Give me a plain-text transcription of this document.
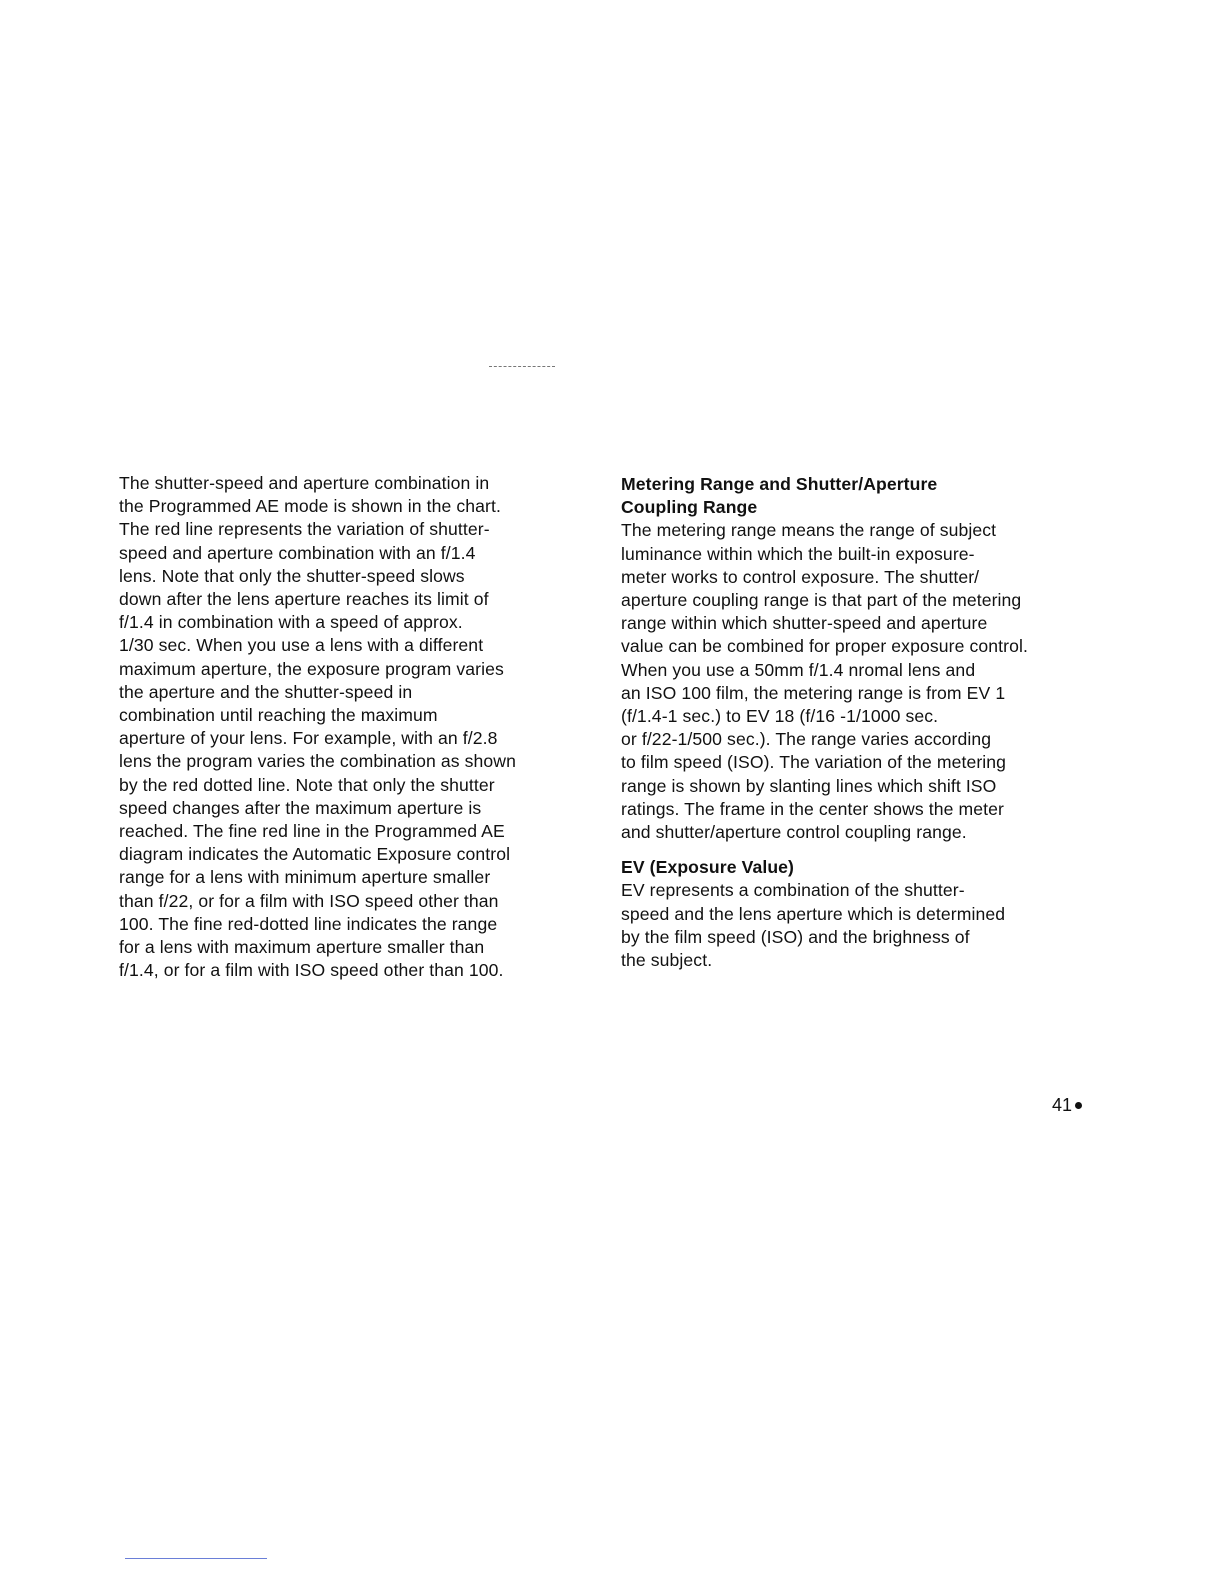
The shutter-speed and aperture combination in
the Programmed AE mode is shown in the chart.
The red line represents the variation of shutter-
speed and aperture combination with an f/1.4
lens. Note that only the shutter-speed slows
down after the lens aperture reaches its limit of
f/1.4 in combination with a speed of approx.
1/30 sec. When you use a lens with a different
maximum aperture, the exposure program varies
the aperture and the shutter-speed in
combination until reaching the maximum
aperture of your lens. For example, with an f/2.8
lens the program varies the combination as shown
by the red dotted line. Note that only the shutter
speed changes after the maximum aperture is
reached. The fine red line in the Programmed AE
diagram indicates the Automatic Exposure control
range for a lens with minimum aperture smaller
than f/22, or for a film with ISO speed other than
100. The fine red-dotted line indicates the range
for a lens with maximum aperture smaller than
f/1.4, or for a film with ISO speed other than 100.
Metering Range and Shutter/Aperture
Coupling Range
The metering range means the range of subject
luminance within which the built-in exposure-
meter works to control exposure. The shutter/
aperture coupling range is that part of the metering
range within which shutter-speed and aperture
value can be combined for proper exposure control.
When you use a 50mm f/1.4 nromal lens and
an ISO 100 film, the metering range is from EV 1
(f/1.4-1 sec.) to EV 18 (f/16 -1/1000 sec.
or f/22-1/500 sec.). The range varies according
to film speed (ISO). The variation of the metering
range is shown by slanting lines which shift ISO
ratings. The frame in the center shows the meter
and shutter/aperture control coupling range.
EV (Exposure Value)
EV represents a combination of the shutter-
speed and the lens aperture which is determined
by the film speed (ISO) and the brighness of
the subject.
41
